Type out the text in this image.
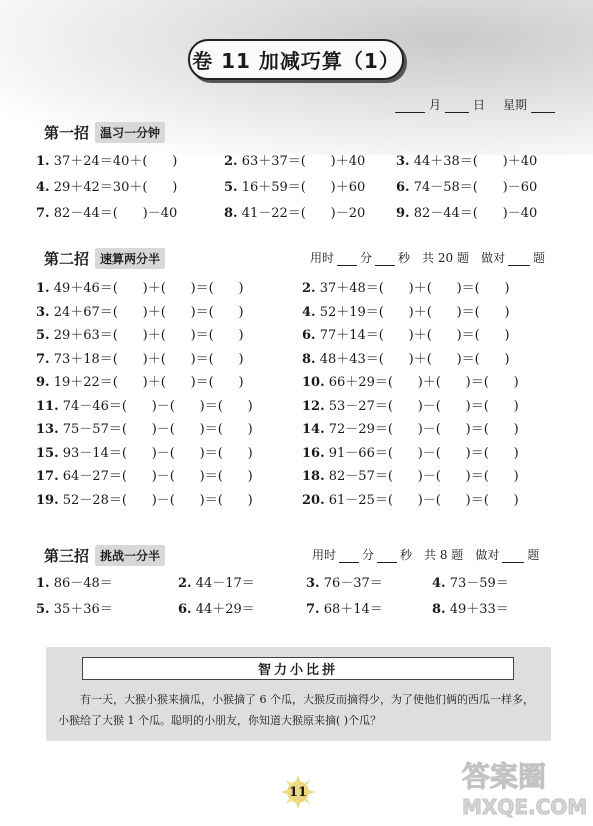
卷 11 加减巧算（1）
月	日 星期
第一招 温习一分钟
1. 37＋24＝40＋(      )	2. 63＋37＝(      )＋40 3. 44＋38＝(      )＋40
4. 29＋42＝30＋(      )	5. 16＋59＝(      )＋60 6. 74－58＝(      )－60
7. 82－44＝(      )－40	8. 41－22＝(      )－20 9. 82－44＝(      )－40
第二招 速算两分半	用时 分 秒 共 20 题 做对 题
1. 49＋46＝(      )＋(      )＝(      )	2. 37＋48＝(      )＋(      )＝(      )
3. 24＋67＝(      )＋(      )＝(      )	4. 52＋19＝(      )＋(      )＝(      )
5. 29＋63＝(      )＋(      )＝(      )	6. 77＋14＝(      )＋(      )＝(      )
7. 73＋18＝(      )＋(      )＝(      )	8. 48＋43＝(      )＋(      )＝(      )
9. 19＋22＝(      )＋(      )＝(      )	10. 66＋29＝(      )＋(      )＝(      )
11. 74－46＝(      )－(      )＝(      )	12. 53－27＝(      )－(      )＝(      )
13. 75－57＝(      )－(      )＝(      )	14. 72－29＝(      )－(      )＝(      )
15. 93－14＝(      )－(      )＝(      )	16. 91－66＝(      )－(      )＝(      )
17. 64－27＝(      )－(      )＝(      )	18. 82－57＝(      )－(      )＝(      )
19. 52－28＝(      )－(      )＝(      )	20. 61－25＝(      )－(      )＝(      )
第三招 挑战一分半	用时 分 秒 共 8 题 做对 题
1. 86－48＝	2. 44－17＝	3. 76－37＝	4. 73－59＝
5. 35＋36＝	6. 44＋29＝	7. 68＋14＝	8. 49＋33＝
智力小比拼
有一天，大猴小猴来摘瓜，小猴摘了 6 个瓜，大猴反而摘得少，为了使他们俩的西瓜一样多，小猴给了大猴 1 个瓜。聪明的小朋友，你知道大猴原来摘( )个瓜？
11	答案圈
MXQE.COM
